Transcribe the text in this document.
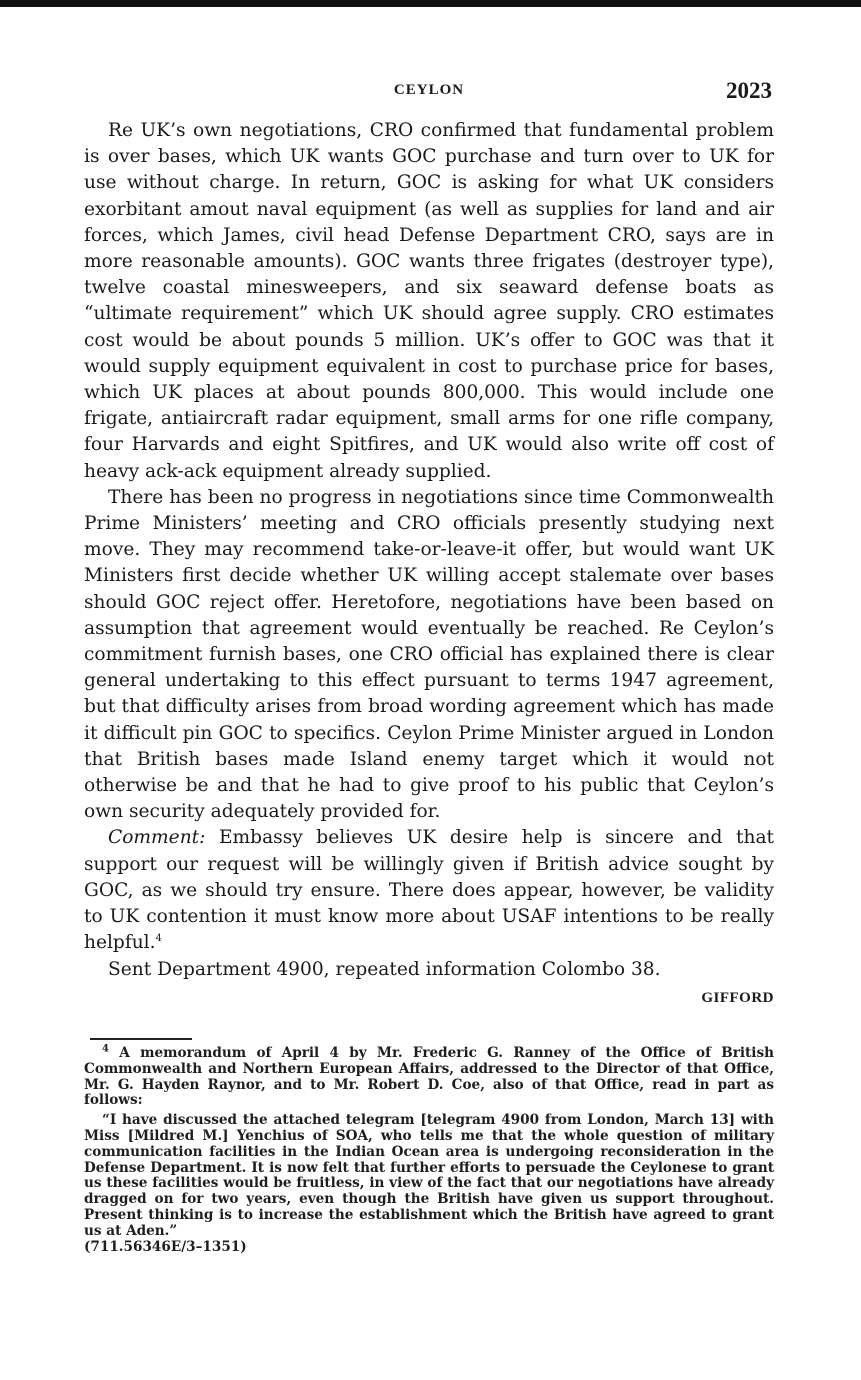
CEYLON	2023

Re UK’s own negotiations, CRO confirmed that fundamental problem is over bases, which UK wants GOC purchase and turn over to UK for use without charge. In return, GOC is asking for what UK considers exorbitant amout naval equipment (as well as supplies for land and air forces, which James, civil head Defense Department CRO, says are in more reasonable amounts). GOC wants three frigates (destroyer type), twelve coastal minesweepers, and six seaward defense boats as “ultimate requirement” which UK should agree supply. CRO estimates cost would be about pounds 5 million. UK’s offer to GOC was that it would supply equipment equivalent in cost to purchase price for bases, which UK places at about pounds 800,000. This would include one frigate, antiaircraft radar equipment, small arms for one rifle company, four Harvards and eight Spitfires, and UK would also write off cost of heavy ack-ack equipment already supplied.

There has been no progress in negotiations since time Commonwealth Prime Ministers’ meeting and CRO officials presently studying next move. They may recommend take-or-leave-it offer, but would want UK Ministers first decide whether UK willing accept stalemate over bases should GOC reject offer. Heretofore, negotiations have been based on assumption that agreement would eventually be reached. Re Ceylon’s commitment furnish bases, one CRO official has explained there is clear general undertaking to this effect pursuant to terms 1947 agreement, but that difficulty arises from broad wording agreement which has made it difficult pin GOC to specifics. Ceylon Prime Minister argued in London that British bases made Island enemy target which it would not otherwise be and that he had to give proof to his public that Ceylon’s own security adequately provided for.

Comment: Embassy believes UK desire help is sincere and that support our request will be willingly given if British advice sought by GOC, as we should try ensure. There does appear, however, be validity to UK contention it must know more about USAF intentions to be really helpful.$^4$

Sent Department 4900, repeated information Colombo 38.

GIFFORD

$^4$ A memorandum of April 4 by Mr. Frederic G. Ranney of the Office of British Commonwealth and Northern European Affairs, addressed to the Director of that Office, Mr. G. Hayden Raynor, and to Mr. Robert D. Coe, also of that Office, read in part as follows:

“I have discussed the attached telegram [telegram 4900 from London, March 13] with Miss [Mildred M.] Yenchius of SOA, who tells me that the whole question of military communication facilities in the Indian Ocean area is undergoing reconsideration in the Defense Department. It is now felt that further efforts to persuade the Ceylonese to grant us these facilities would be fruitless, in view of the fact that our negotiations have already dragged on for two years, even though the British have given us support throughout. Present thinking is to increase the establishment which the British have agreed to grant us at Aden.”

(711.56346E/3–1351)
